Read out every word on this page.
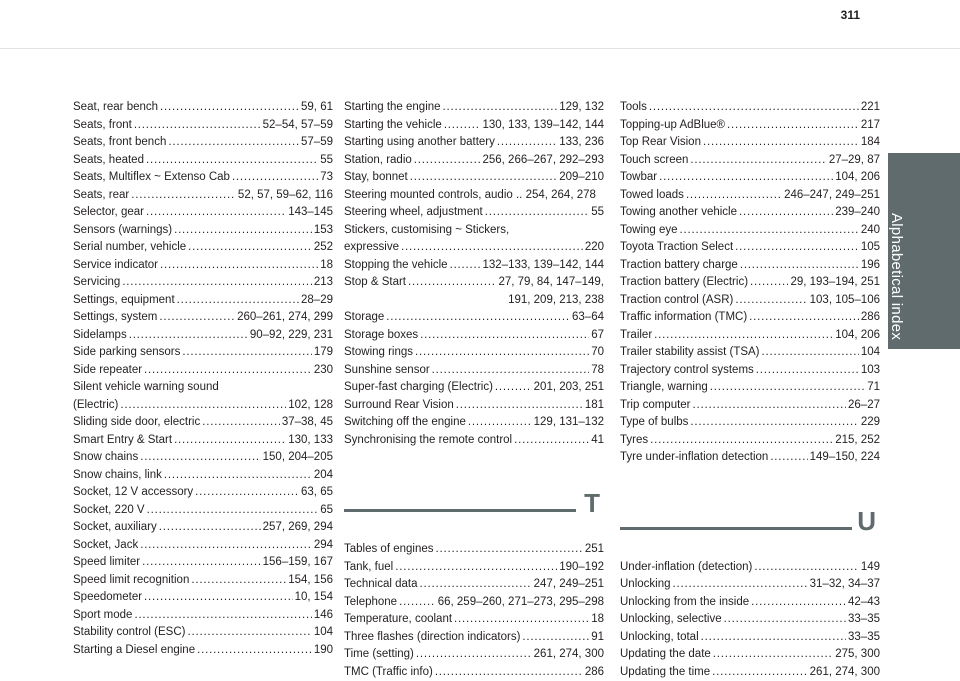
311
Alphabetical index
Seat, rear bench . . .	59, 61
Seats, front . . .	52–54, 57–59
Seats, front bench . . .	57–59
Seats, heated . . .	55
Seats, Multiflex ~ Extenso Cab . . .	73
Seats, rear . . .	52, 57, 59–62, 116
Selector, gear . . .	143–145
Sensors (warnings) . . .	153
Serial number, vehicle . . .	252
Service indicator . . .	18
Servicing . . .	213
Settings, equipment . . .	28–29
Settings, system . . .	260–261, 274, 299
Sidelamps . . .	90–92, 229, 231
Side parking sensors . . .	179
Side repeater . . .	230
Silent vehicle warning sound
(Electric) . . .	102, 128
Sliding side door, electric . . .	37–38, 45
Smart Entry & Start . . .	130, 133
Snow chains . . .	150, 204–205
Snow chains, link . . .	204
Socket, 12 V accessory . . .	63, 65
Socket, 220 V . . .	65
Socket, auxiliary . . .	257, 269, 294
Socket, Jack . . .	294
Speed limiter . . .	156–159, 167
Speed limit recognition . . .	154, 156
Speedometer . . .	10, 154
Sport mode . . .	146
Stability control (ESC) . . .	104
Starting a Diesel engine . . .	190
Starting the engine . . .	129, 132
Starting the vehicle . . .	130, 133, 139–142, 144
Starting using another battery . . .	133, 236
Station, radio . . .	256, 266–267, 292–293
Stay, bonnet . . .	209–210
Steering mounted controls, audio .. 254, 264, 278
Steering wheel, adjustment . . .	55
Stickers, customising ~ Stickers,
expressive . . .	220
Stopping the vehicle . . .	132–133, 139–142, 144
Stop & Start . . .	27, 79, 84, 147–149,
191, 209, 213, 238
Storage . . .	63–64
Storage boxes . . .	67
Stowing rings . . .	70
Sunshine sensor . . .	78
Super-fast charging (Electric) . . .	201, 203, 251
Surround Rear Vision . . .	181
Switching off the engine . . .	129, 131–132
Synchronising the remote control . . .	41
T
Tables of engines . . .	251
Tank, fuel . . .	190–192
Technical data . . .	247, 249–251
Telephone . . .	66, 259–260, 271–273, 295–298
Temperature, coolant . . .	18
Three flashes (direction indicators) . . .	91
Time (setting) . . .	261, 274, 300
TMC (Traffic info) . . .	286
Tools . . .	221
Topping-up AdBlue® . . .	217
Top Rear Vision . . .	184
Touch screen . . .	27–29, 87
Towbar . . .	104, 206
Towed loads . . .	246–247, 249–251
Towing another vehicle . . .	239–240
Towing eye . . .	240
Toyota Traction Select . . .	105
Traction battery charge . . .	196
Traction battery (Electric) . . .	29, 193–194, 251
Traction control (ASR) . . .	103, 105–106
Traffic information (TMC) . . .	286
Trailer . . .	104, 206
Trailer stability assist (TSA) . . .	104
Trajectory control systems . . .	103
Triangle, warning . . .	71
Trip computer . . .	26–27
Type of bulbs . . .	229
Tyres . . .	215, 252
Tyre under-inflation detection . . .	149–150, 224
U
Under-inflation (detection) . . .	149
Unlocking . . .	31–32, 34–37
Unlocking from the inside . . .	42–43
Unlocking, selective . . .	33–35
Unlocking, total . . .	33–35
Updating the date . . .	275, 300
Updating the time . . .	261, 274, 300
